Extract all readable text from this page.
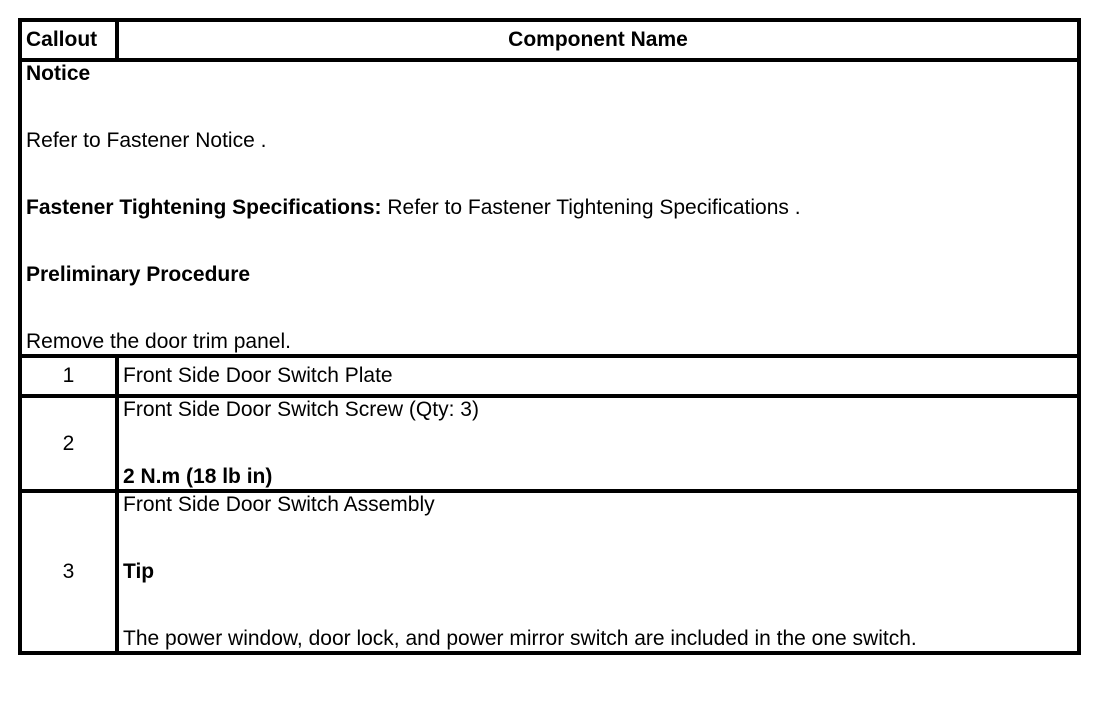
Callout	Component Name

Notice

Refer to Fastener Notice .

Fastener Tightening Specifications: Refer to Fastener Tightening Specifications .

Preliminary Procedure

Remove the door trim panel.	

1	Front Side Door Switch Plate
2	Front Side Door Switch Screw (Qty: 3)

2 N.m (18 lb in)

3	Front Side Door Switch Assembly

Tip

The power window, door lock, and power mirror switch are included in the one switch.
